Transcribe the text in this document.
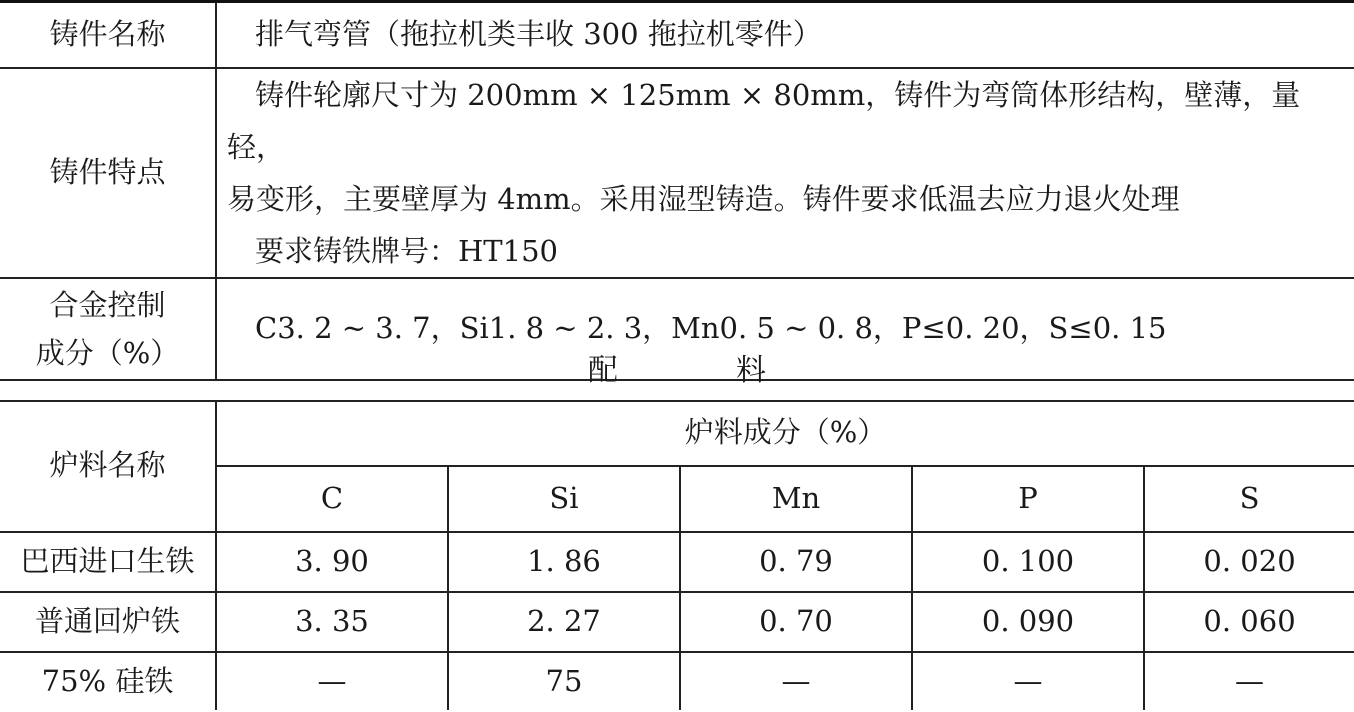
铸件名称	排气弯管（拖拉机类丰收 300 拖拉机零件）

铸件特点	铸件轮廓尺寸为 200mm × 125mm × 80mm，铸件为弯筒体形结构，壁薄，量轻，
易变形，主要壁厚为 4mm。采用湿型铸造。铸件要求低温去应力退火处理
要求铸铁牌号：HT150

合金控制
成分（%）	C3. 2 ~ 3. 7，Si1. 8 ~ 2. 3，Mn0. 5 ~ 0. 8，P≤0. 20，S≤0. 15
配	料
炉料名称	炉料成分（%）				
	C	Si	Mn	P	S
巴西进口生铁	3. 90	1. 86	0. 79	0. 100	0. 020
普通回炉铁	3. 35	2. 27	0. 70	0. 090	0. 060
75% 硅铁	—	75	—	—	—
